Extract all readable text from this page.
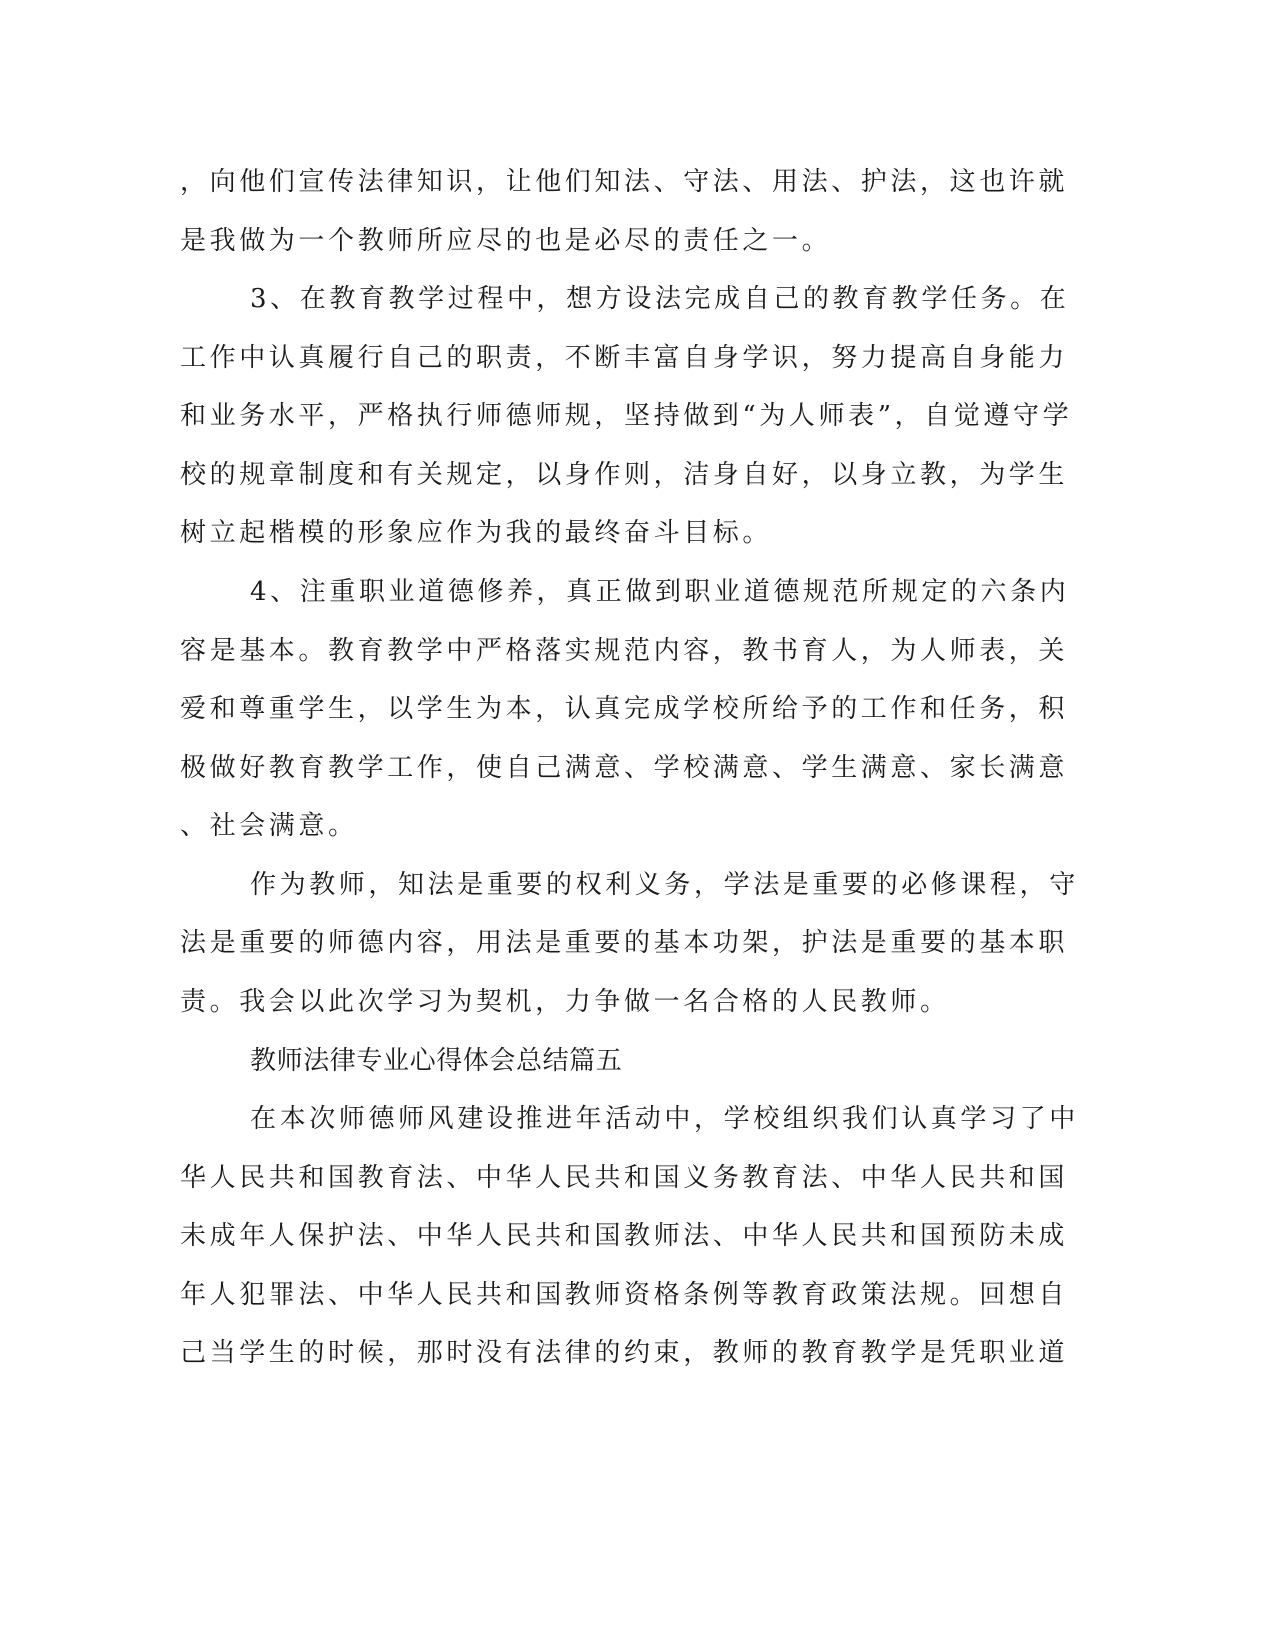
，向他们宣传法律知识，让他们知法、守法、用法、护法，这也许就

是我做为一个教师所应尽的也是必尽的责任之一。

3、在教育教学过程中，想方设法完成自己的教育教学任务。在

工作中认真履行自己的职责，不断丰富自身学识，努力提高自身能力

和业务水平，严格执行师德师规，坚持做到“为人师表”，自觉遵守学

校的规章制度和有关规定，以身作则，洁身自好，以身立教，为学生

树立起楷模的形象应作为我的最终奋斗目标。

4、注重职业道德修养，真正做到职业道德规范所规定的六条内

容是基本。教育教学中严格落实规范内容，教书育人，为人师表，关

爱和尊重学生，以学生为本，认真完成学校所给予的工作和任务，积

极做好教育教学工作，使自己满意、学校满意、学生满意、家长满意

、社会满意。

作为教师，知法是重要的权利义务，学法是重要的必修课程，守

法是重要的师德内容，用法是重要的基本功架，护法是重要的基本职

责。我会以此次学习为契机，力争做一名合格的人民教师。

教师法律专业心得体会总结篇五

在本次师德师风建设推进年活动中，学校组织我们认真学习了中

华人民共和国教育法、中华人民共和国义务教育法、中华人民共和国

未成年人保护法、中华人民共和国教师法、中华人民共和国预防未成

年人犯罪法、中华人民共和国教师资格条例等教育政策法规。回想自

己当学生的时候，那时没有法律的约束，教师的教育教学是凭职业道
